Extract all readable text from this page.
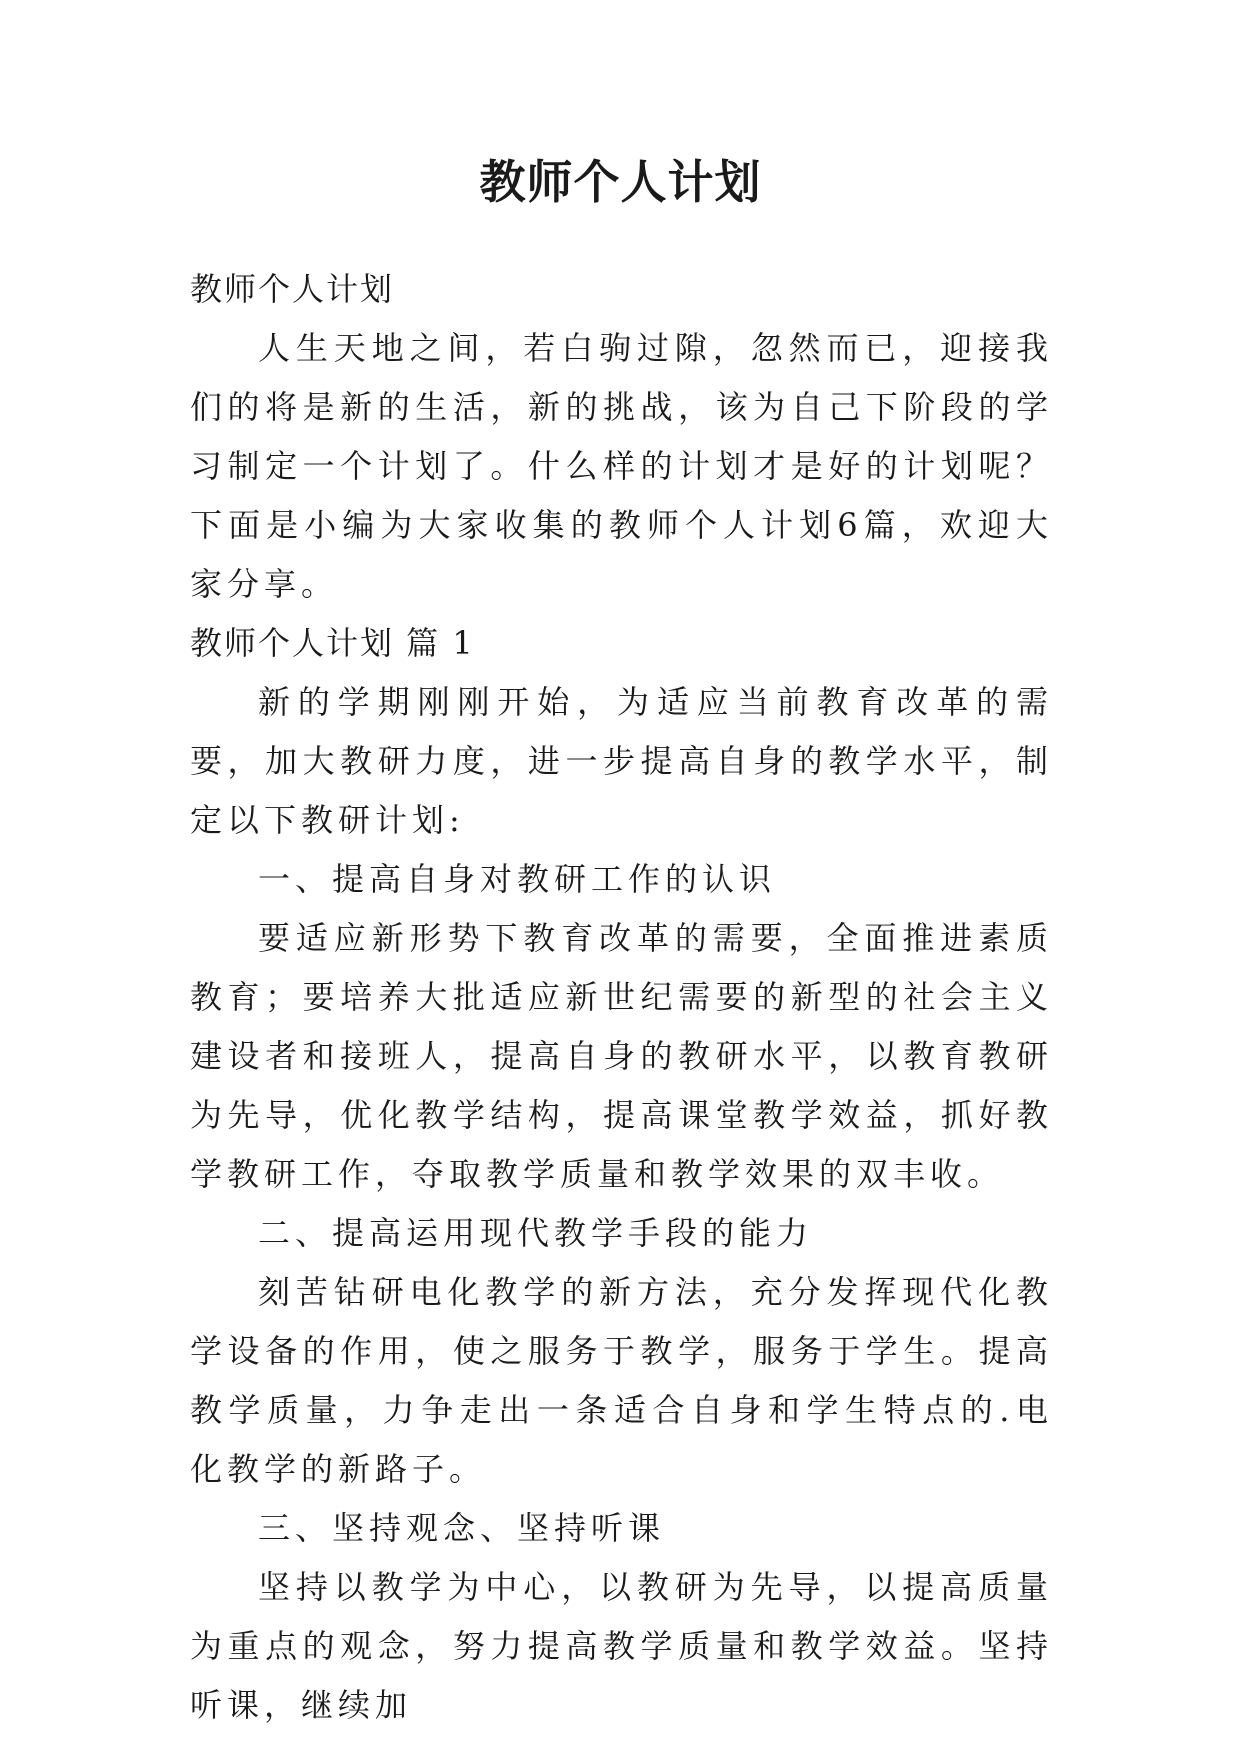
教师个人计划

教师个人计划

人生天地之间，若白驹过隙，忽然而已，迎接我们的将是新的生活，新的挑战，该为自己下阶段的学习制定一个计划了。什么样的计划才是好的计划呢？下面是小编为大家收集的教师个人计划6篇，欢迎大家分享。

教师个人计划 篇 1

新的学期刚刚开始，为适应当前教育改革的需要，加大教研力度，进一步提高自身的教学水平，制定以下教研计划:

一、提高自身对教研工作的认识

要适应新形势下教育改革的需要，全面推进素质教育；要培养大批适应新世纪需要的新型的社会主义建设者和接班人，提高自身的教研水平，以教育教研为先导，优化教学结构，提高课堂教学效益，抓好教学教研工作，夺取教学质量和教学效果的双丰收。

二、提高运用现代教学手段的能力

刻苦钻研电化教学的新方法，充分发挥现代化教学设备的作用，使之服务于教学，服务于学生。提高教学质量，力争走出一条适合自身和学生特点的.电化教学的新路子。

三、坚持观念、坚持听课

坚持以教学为中心，以教研为先导，以提高质量为重点的观念，努力提高教学质量和教学效益。坚持听课，继续加
